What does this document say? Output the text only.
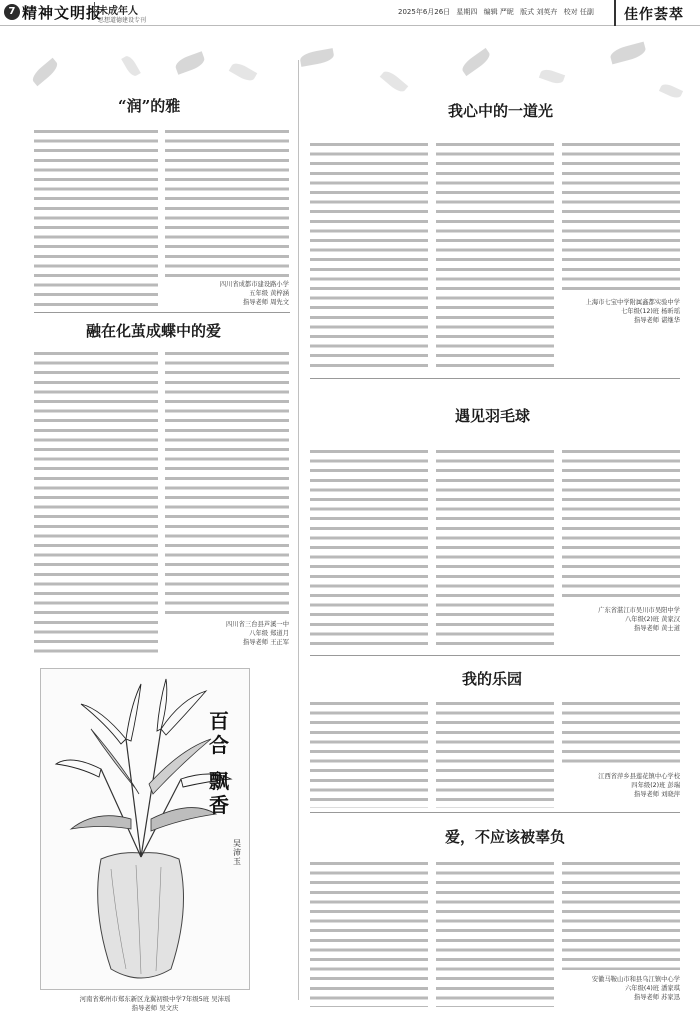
7 精神文明报
未成年人
思想道德建设专刊
2025年6月26日 星期四 编辑 严昵 版式 刘英卉 校对 任副 佳作荟萃
“润”的雅
四川省成都市建设路小学
五年级 黄梓涵
指导老师 周先文
融在化茧成蝶中的爱
四川省三台县芦溪一中
八年级 郑道月
指导老师 王正军
百合
飘香
吴沛玉
河南省郑州市郑东新区龙翼初级中学7年级5班 吴沛瑶
指导老师 吴文庆
我心中的一道光
上海市七宝中学附属鑫都实验中学
七年级(12)班 杨昕瑶
指导老师 谌继华
遇见羽毛球
广东省湛江市吴川市吴阳中学
八年级(2)班 黄家汉
指导老师 黄士道
我的乐园
江西省萍乡县莲花镇中心学校
四年级(2)班 彭瑞
指导老师 刘晓萍
爱，不应该被辜负
安徽马鞍山市和县乌江镇中心学
六年级(4)班 潘家琪
指导老师 苏家迅
